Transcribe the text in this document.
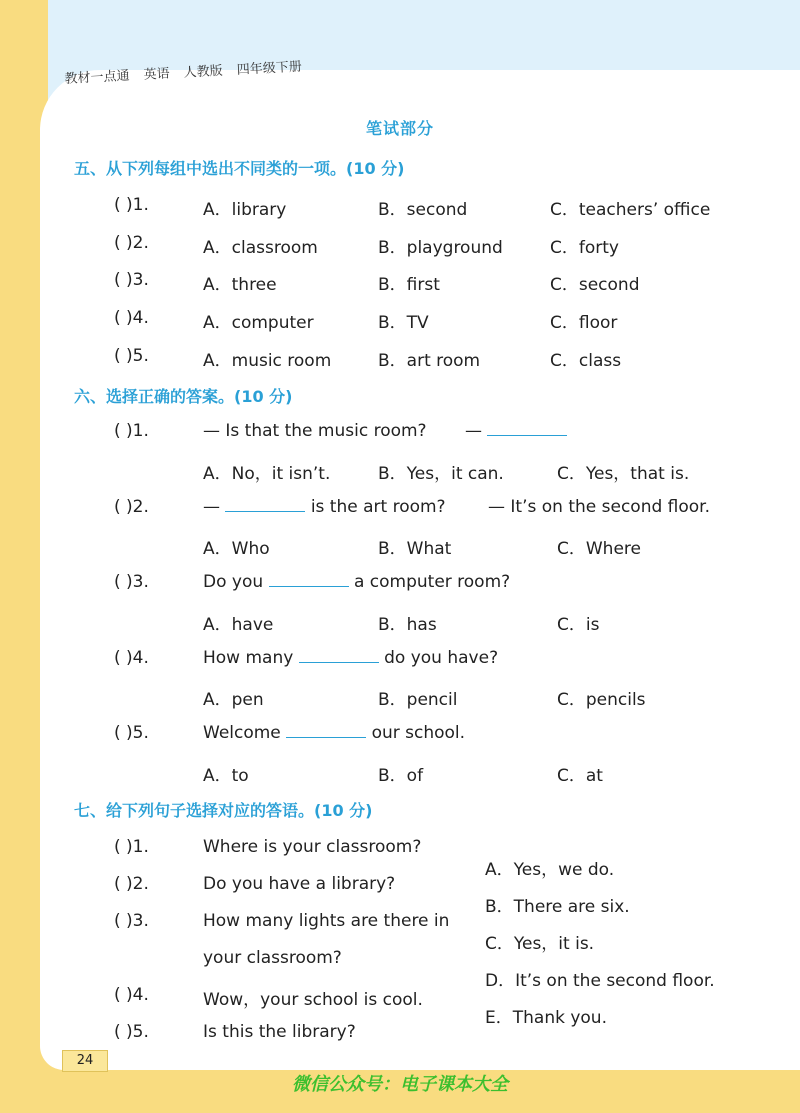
教材一点通 英语 人教版 四年级下册
笔试部分
五、从下列每组中选出不同类的一项。(10 分)
( )1.	A．library	B．second	C．teachers’ office
( )2.	A．classroom	B．playground	C．forty
( )3.	A．three	B．first	C．second
( )4.	A．computer	B．TV	C．floor
( )5.	A．music room	B．art room	C．class
六、选择正确的答案。(10 分)
( )1.	— Is that the music room? —
A．No，it isn’t.	B．Yes，it can.	C．Yes，that is.
( )2.	—	is the art room? — It’s on the second floor.
A．Who	B．What	C．Where
( )3.	Do you	a computer room?
A．have	B．has	C．is
( )4.	How many	do you have?
A．pen	B．pencil	C．pencils
( )5.	Welcome	our school.
A．to	B．of	C．at
七、给下列句子选择对应的答语。(10 分)
( )1.	Where is your classroom?
( )2.	Do you have a library?
( )3.	How many lights are there in
your classroom?
( )4.	Wow，your school is cool.
( )5.	Is this the library?
A．Yes，we do.
B．There are six.
C．Yes，it is.
D．It’s on the second floor.
E．Thank you.
24
微信公众号：电子课本大全
